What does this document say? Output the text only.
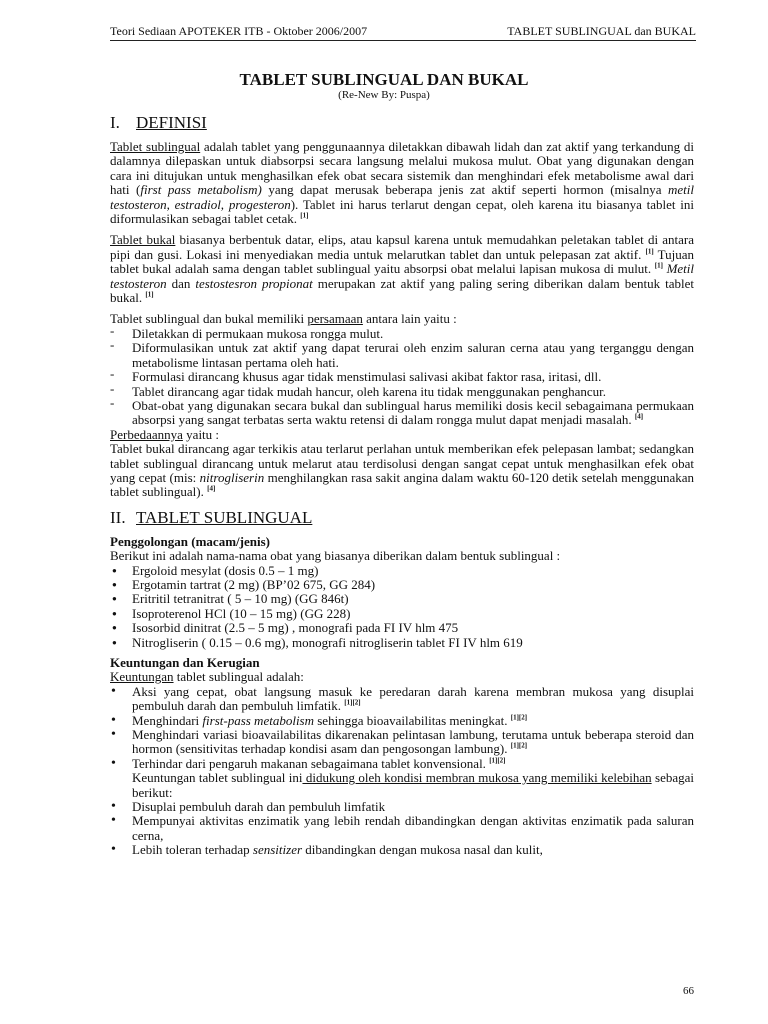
Teori Sediaan APOTEKER ITB - Oktober 2006/2007	TABLET SUBLINGUAL dan BUKAL
TABLET SUBLINGUAL DAN BUKAL
(Re-New By: Puspa)
I. DEFINISI

Tablet sublingual adalah tablet yang penggunaannya diletakkan dibawah lidah dan zat aktif yang terkandung di dalamnya dilepaskan untuk diabsorpsi secara langsung melalui mukosa mulut. Obat yang digunakan dengan cara ini ditujukan untuk menghasilkan efek obat secara sistemik dan menghindari efek metabolisme awal dari hati (first pass metabolism) yang dapat merusak beberapa jenis zat aktif seperti hormon (misalnya metil testosteron, estradiol, progesteron). Tablet ini harus terlarut dengan cepat, oleh karena itu biasanya tablet ini diformulasikan sebagai tablet cetak. [1]

Tablet bukal biasanya berbentuk datar, elips, atau kapsul karena untuk memudahkan peletakan tablet di antara pipi dan gusi. Lokasi ini menyediakan media untuk melarutkan tablet dan untuk pelepasan zat aktif. [1] Tujuan tablet bukal adalah sama dengan tablet sublingual yaitu absorpsi obat melalui lapisan mukosa di mulut. [1] Metil testosteron dan testostesron propionat merupakan zat aktif yang paling sering diberikan dalam bentuk tablet bukal. [1]

Tablet sublingual dan bukal memiliki persamaan antara lain yaitu :

- Diletakkan di permukaan mukosa rongga mulut.
- Diformulasikan untuk zat aktif yang dapat terurai oleh enzim saluran cerna atau yang terganggu dengan metabolisme lintasan pertama oleh hati.
- Formulasi dirancang khusus agar tidak menstimulasi salivasi akibat faktor rasa, iritasi, dll.
- Tablet dirancang agar tidak mudah hancur, oleh karena itu tidak menggunakan penghancur.
- Obat-obat yang digunakan secara bukal dan sublingual harus memiliki dosis kecil sebagaimana permukaan absorpsi yang sangat terbatas serta waktu retensi di dalam rongga mulut dapat menjadi masalah. [4]

Perbedaannya yaitu :

Tablet bukal dirancang agar terkikis atau terlarut perlahan untuk memberikan efek pelepasan lambat; sedangkan tablet sublingual dirancang untuk melarut atau terdisolusi dengan sangat cepat untuk menghasilkan efek obat yang cepat (mis: nitrogliserin menghilangkan rasa sakit angina dalam waktu 60-120 detik setelah menggunakan tablet sublingual). [4]

II. TABLET SUBLINGUAL

Penggolongan (macam/jenis)

Berikut ini adalah nama-nama obat yang biasanya diberikan dalam bentuk sublingual :

● Ergoloid mesylat (dosis 0.5 – 1 mg)
● Ergotamin tartrat (2 mg) (BP’02 675, GG 284)
● Eritritil tetranitrat ( 5 – 10 mg) (GG 846t)
● Isoproterenol HCl (10 – 15 mg) (GG 228)
● Isosorbid dinitrat (2.5 – 5 mg) , monografi pada FI IV hlm 475
● Nitrogliserin ( 0.15 – 0.6 mg), monografi nitrogliserin tablet FI IV hlm 619

Keuntungan dan Kerugian

Keuntungan tablet sublingual adalah:

• Aksi yang cepat, obat langsung masuk ke peredaran darah karena membran mukosa yang disuplai pembuluh darah dan pembuluh limfatik. [1][2]
• Menghindari first-pass metabolism sehingga bioavailabilitas meningkat. [1][2]
• Menghindari variasi bioavailabilitas dikarenakan pelintasan lambung, terutama untuk beberapa steroid dan hormon (sensitivitas terhadap kondisi asam dan pengosongan lambung). [1][2]
• Terhindar dari pengaruh makanan sebagaimana tablet konvensional. [1][2]

Keuntungan tablet sublingual ini didukung oleh kondisi membran mukosa yang memiliki kelebihan sebagai berikut:

• Disuplai pembuluh darah dan pembuluh limfatik
• Mempunyai aktivitas enzimatik yang lebih rendah dibandingkan dengan aktivitas enzimatik pada saluran cerna,
• Lebih toleran terhadap sensitizer dibandingkan dengan mukosa nasal dan kulit,
66
